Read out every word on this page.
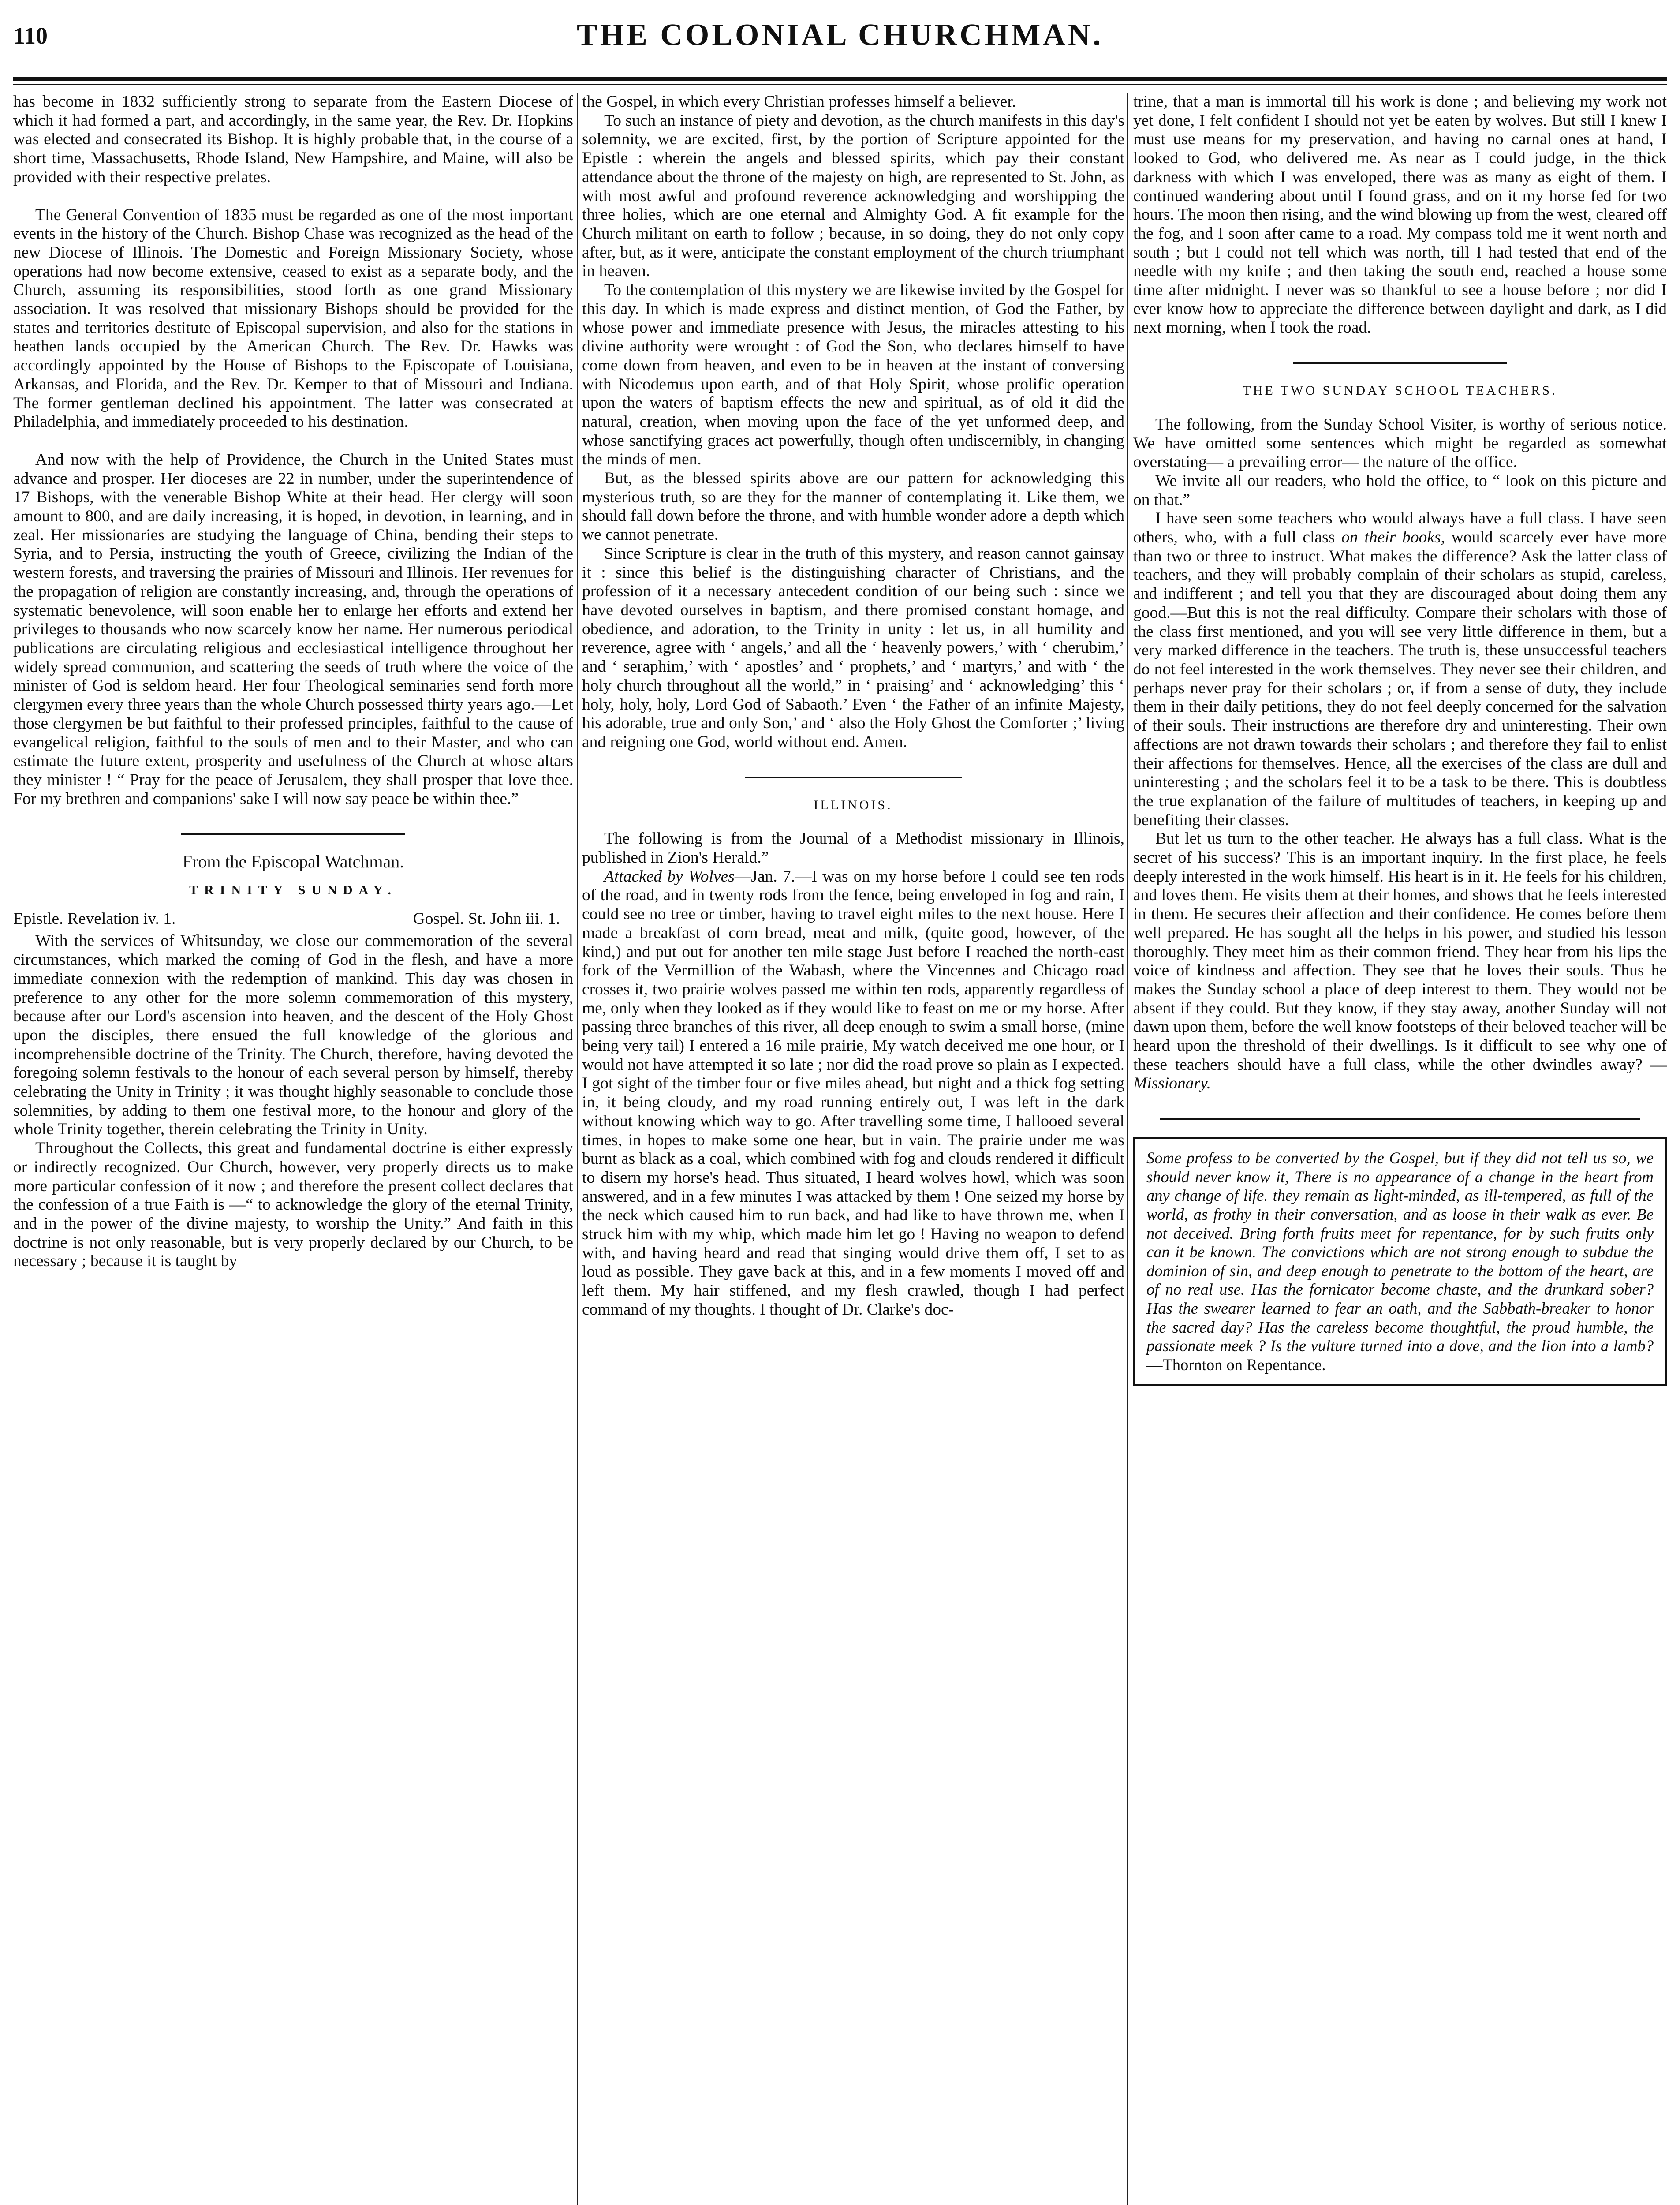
110	THE COLONIAL CHURCHMAN.

has become in 1832 sufficiently strong to separate from the Eastern Diocese of which it had formed a part, and accordingly, in the same year, the Rev. Dr. Hopkins was elected and consecrated its Bishop. It is highly probable that, in the course of a short time, Massachusetts, Rhode Island, New Hampshire, and Maine, will also be provided with their respective prelates.

The General Convention of 1835 must be regarded as one of the most important events in the history of the Church. Bishop Chase was recognized as the head of the new Diocese of Illinois. The Domestic and Foreign Missionary Society, whose operations had now become extensive, ceased to exist as a separate body, and the Church, assuming its responsibilities, stood forth as one grand Missionary association. It was resolved that missionary Bishops should be provided for the states and territories destitute of Episcopal supervision, and also for the stations in heathen lands occupied by the American Church. The Rev. Dr. Hawks was accordingly appointed by the House of Bishops to the Episcopate of Louisiana, Arkansas, and Florida, and the Rev. Dr. Kemper to that of Missouri and Indiana. The former gentleman declined his appointment. The latter was consecrated at Philadelphia, and immediately proceeded to his destination.

And now with the help of Providence, the Church in the United States must advance and prosper. Her dioceses are 22 in number, under the superintendence of 17 Bishops, with the venerable Bishop White at their head. Her clergy will soon amount to 800, and are daily increasing, it is hoped, in devotion, in learning, and in zeal. Her missionaries are studying the language of China, bending their steps to Syria, and to Persia, instructing the youth of Greece, civilizing the Indian of the western forests, and traversing the prairies of Missouri and Illinois. Her revenues for the propagation of religion are constantly increasing, and, through the operations of systematic benevolence, will soon enable her to enlarge her efforts and extend her privileges to thousands who now scarcely know her name. Her numerous periodical publications are circulating religious and ecclesiastical intelligence throughout her widely spread communion, and scattering the seeds of truth where the voice of the minister of God is seldom heard. Her four Theological seminaries send forth more clergymen every three years than the whole Church possessed thirty years ago.—Let those clergymen be but faithful to their professed principles, faithful to the cause of evangelical religion, faithful to the souls of men and to their Master, and who can estimate the future extent, prosperity and usefulness of the Church at whose altars they minister ! “ Pray for the peace of Jerusalem, they shall prosper that love thee. For my brethren and companions' sake I will now say peace be within thee.”

From the Episcopal Watchman.

TRINITY SUNDAY.

Epistle. Revelation iv. 1.	Gospel. St. John iii. 1.

With the services of Whitsunday, we close our commemoration of the several circumstances, which marked the coming of God in the flesh, and have a more immediate connexion with the redemption of mankind. This day was chosen in preference to any other for the more solemn commemoration of this mystery, because after our Lord's ascension into heaven, and the descent of the Holy Ghost upon the disciples, there ensued the full knowledge of the glorious and incomprehensible doctrine of the Trinity. The Church, therefore, having devoted the foregoing solemn festivals to the honour of each several person by himself, thereby celebrating the Unity in Trinity ; it was thought highly seasonable to conclude those solemnities, by adding to them one festival more, to the honour and glory of the whole Trinity together, therein celebrating the Trinity in Unity.

Throughout the Collects, this great and fundamental doctrine is either expressly or indirectly recognized. Our Church, however, very properly directs us to make more particular confession of it now ; and therefore the present collect declares that the confession of a true Faith is —“ to acknowledge the glory of the eternal Trinity, and in the power of the divine majesty, to worship the Unity.” And faith in this doctrine is not only reasonable, but is very properly declared by our Church, to be necessary ; because it is taught by

the Gospel, in which every Christian professes himself a believer.

To such an instance of piety and devotion, as the church manifests in this day's solemnity, we are excited, first, by the portion of Scripture appointed for the Epistle : wherein the angels and blessed spirits, which pay their constant attendance about the throne of the majesty on high, are represented to St. John, as with most awful and profound reverence acknowledging and worshipping the three holies, which are one eternal and Almighty God. A fit example for the Church militant on earth to follow ; because, in so doing, they do not only copy after, but, as it were, anticipate the constant employment of the church triumphant in heaven.

To the contemplation of this mystery we are likewise invited by the Gospel for this day. In which is made express and distinct mention, of God the Father, by whose power and immediate presence with Jesus, the miracles attesting to his divine authority were wrought : of God the Son, who declares himself to have come down from heaven, and even to be in heaven at the instant of conversing with Nicodemus upon earth, and of that Holy Spirit, whose prolific operation upon the waters of baptism effects the new and spiritual, as of old it did the natural, creation, when moving upon the face of the yet unformed deep, and whose sanctifying graces act powerfully, though often undiscernibly, in changing the minds of men.

But, as the blessed spirits above are our pattern for acknowledging this mysterious truth, so are they for the manner of contemplating it. Like them, we should fall down before the throne, and with humble wonder adore a depth which we cannot penetrate.

Since Scripture is clear in the truth of this mystery, and reason cannot gainsay it : since this belief is the distinguishing character of Christians, and the profession of it a necessary antecedent condition of our being such : since we have devoted ourselves in baptism, and there promised constant homage, and obedience, and adoration, to the Trinity in unity : let us, in all humility and reverence, agree with ‘ angels,’ and all the ‘ heavenly powers,’ with ‘ cherubim,’ and ‘ seraphim,’ with ‘ apostles’ and ‘ prophets,’ and ‘ martyrs,’ and with ‘ the holy church throughout all the world,” in ‘ praising’ and ‘ acknowledging’ this ‘ holy, holy, holy, Lord God of Sabaoth.’ Even ‘ the Father of an infinite Majesty, his adorable, true and only Son,’ and ‘ also the Holy Ghost the Comforter ;’ living and reigning one God, world without end. Amen.

ILLINOIS.

The following is from the Journal of a Methodist missionary in Illinois, published in Zion's Herald.”

Attacked by Wolves—Jan. 7.—I was on my horse before I could see ten rods of the road, and in twenty rods from the fence, being enveloped in fog and rain, I could see no tree or timber, having to travel eight miles to the next house. Here I made a breakfast of corn bread, meat and milk, (quite good, however, of the kind,) and put out for another ten mile stage Just before I reached the north-east fork of the Vermillion of the Wabash, where the Vincennes and Chicago road crosses it, two prairie wolves passed me within ten rods, apparently regardless of me, only when they looked as if they would like to feast on me or my horse. After passing three branches of this river, all deep enough to swim a small horse, (mine being very tail) I entered a 16 mile prairie, My watch deceived me one hour, or I would not have attempted it so late ; nor did the road prove so plain as I expected. I got sight of the timber four or five miles ahead, but night and a thick fog setting in, it being cloudy, and my road running entirely out, I was left in the dark without knowing which way to go. After travelling some time, I hallooed several times, in hopes to make some one hear, but in vain. The prairie under me was burnt as black as a coal, which combined with fog and clouds rendered it difficult to disern my horse's head. Thus situated, I heard wolves howl, which was soon answered, and in a few minutes I was attacked by them ! One seized my horse by the neck which caused him to run back, and had like to have thrown me, when I struck him with my whip, which made him let go ! Having no weapon to defend with, and having heard and read that singing would drive them off, I set to as loud as possible. They gave back at this, and in a few moments I moved off and left them. My hair stiffened, and my flesh crawled, though I had perfect command of my thoughts. I thought of Dr. Clarke's doc-

trine, that a man is immortal till his work is done ; and believing my work not yet done, I felt confident I should not yet be eaten by wolves. But still I knew I must use means for my preservation, and having no carnal ones at hand, I looked to God, who delivered me. As near as I could judge, in the thick darkness with which I was enveloped, there was as many as eight of them. I continued wandering about until I found grass, and on it my horse fed for two hours. The moon then rising, and the wind blowing up from the west, cleared off the fog, and I soon after came to a road. My compass told me it went north and south ; but I could not tell which was north, till I had tested that end of the needle with my knife ; and then taking the south end, reached a house some time after midnight. I never was so thankful to see a house before ; nor did I ever know how to appreciate the difference between daylight and dark, as I did next morning, when I took the road.

THE TWO SUNDAY SCHOOL TEACHERS.

The following, from the Sunday School Visiter, is worthy of serious notice. We have omitted some sentences which might be regarded as somewhat overstating— a prevailing error— the nature of the office.

We invite all our readers, who hold the office, to “ look on this picture and on that.”

I have seen some teachers who would always have a full class. I have seen others, who, with a full class on their books, would scarcely ever have more than two or three to instruct. What makes the difference? Ask the latter class of teachers, and they will probably complain of their scholars as stupid, careless, and indifferent ; and tell you that they are discouraged about doing them any good.—But this is not the real difficulty. Compare their scholars with those of the class first mentioned, and you will see very little difference in them, but a very marked difference in the teachers. The truth is, these unsuccessful teachers do not feel interested in the work themselves. They never see their children, and perhaps never pray for their scholars ; or, if from a sense of duty, they include them in their daily petitions, they do not feel deeply concerned for the salvation of their souls. Their instructions are therefore dry and uninteresting. Their own affections are not drawn towards their scholars ; and therefore they fail to enlist their affections for themselves. Hence, all the exercises of the class are dull and uninteresting ; and the scholars feel it to be a task to be there. This is doubtless the true explanation of the failure of multitudes of teachers, in keeping up and benefiting their classes.

But let us turn to the other teacher. He always has a full class. What is the secret of his success? This is an important inquiry. In the first place, he feels deeply interested in the work himself. His heart is in it. He feels for his children, and loves them. He visits them at their homes, and shows that he feels interested in them. He secures their affection and their confidence. He comes before them well prepared. He has sought all the helps in his power, and studied his lesson thoroughly. They meet him as their common friend. They hear from his lips the voice of kindness and affection. They see that he loves their souls. Thus he makes the Sunday school a place of deep interest to them. They would not be absent if they could. But they know, if they stay away, another Sunday will not dawn upon them, before the well know footsteps of their beloved teacher will be heard upon the threshold of their dwellings. Is it difficult to see why one of these teachers should have a full class, while the other dwindles away? —Missionary.

Some profess to be converted by the Gospel, but if they did not tell us so, we should never know it, There is no appearance of a change in the heart from any change of life. they remain as light-minded, as ill-tempered, as full of the world, as frothy in their conversation, and as loose in their walk as ever. Be not deceived. Bring forth fruits meet for repentance, for by such fruits only can it be known. The convictions which are not strong enough to subdue the dominion of sin, and deep enough to penetrate to the bottom of the heart, are of no real use. Has the fornicator become chaste, and the drunkard sober? Has the swearer learned to fear an oath, and the Sabbath-breaker to honor the sacred day? Has the careless become thoughtful, the proud humble, the passionate meek ? Is the vulture turned into a dove, and the lion into a lamb?—Thornton on Repentance.
